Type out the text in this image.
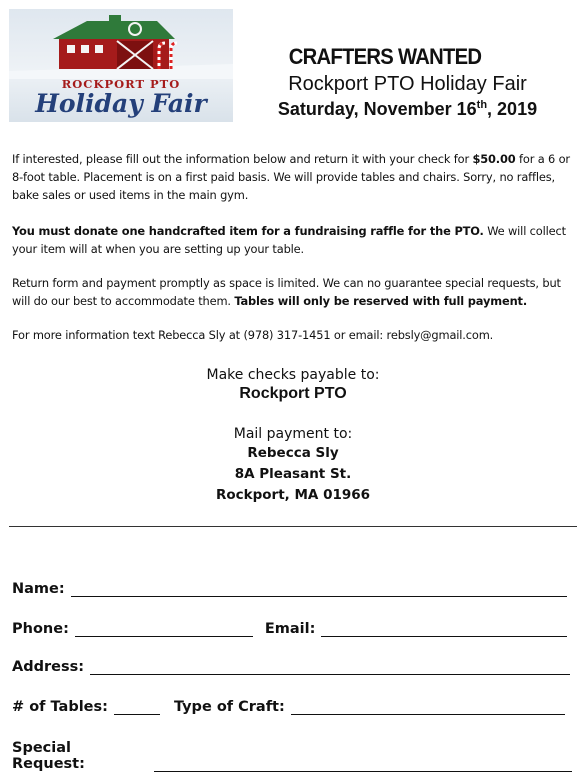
ROCKPORT PTO
Holiday Fair
CRAFTERS WANTED
Rockport PTO Holiday Fair
Saturday, November 16th, 2019
If interested, please fill out the information below and return it with your check for $50.00 for a 6 or 8-foot table. Placement is on a first paid basis. We will provide tables and chairs. Sorry, no raffles, bake sales or used items in the main gym.
You must donate one handcrafted item for a fundraising raffle for the PTO. We will collect your item will at when you are setting up your table.
Return form and payment promptly as space is limited. We can no guarantee special requests, but will do our best to accommodate them. Tables will only be reserved with full payment.
For more information text Rebecca Sly at (978) 317-1451 or email: rebsly@gmail.com.
Make checks payable to:
Rockport PTO
Mail payment to:
Rebecca Sly
8A Pleasant St.
Rockport, MA 01966
Name:
Phone:	Email:
Address:
# of Tables:	Type of Craft:
Special Request:
